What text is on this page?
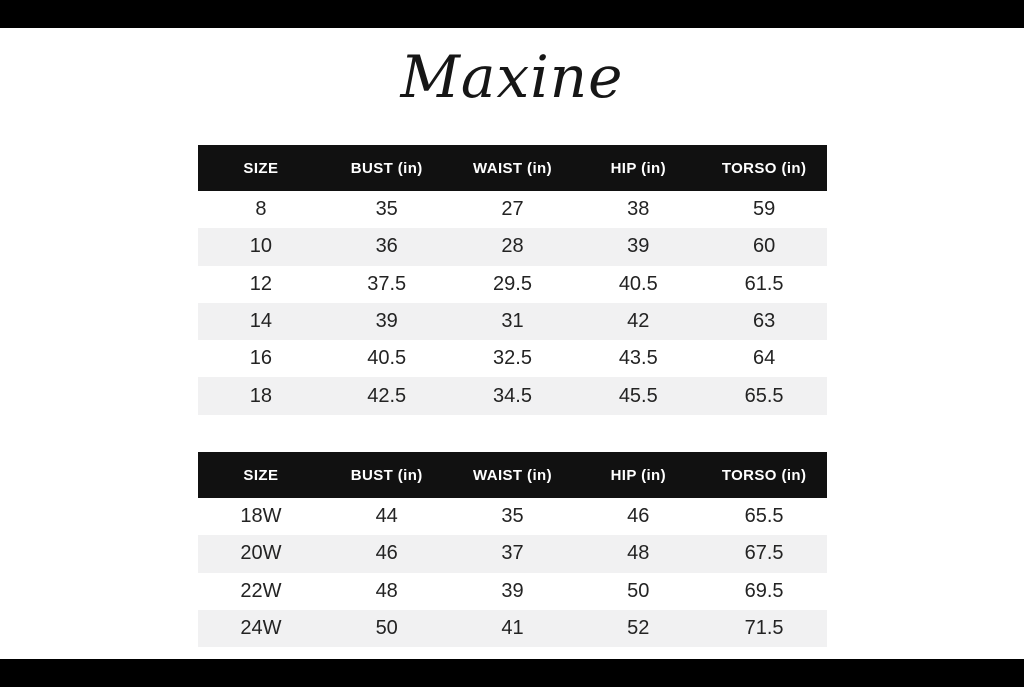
Maxine
SIZE	BUST (in)	WAIST (in)	HIP (in)	TORSO (in)
8	35	27	38	59
10	36	28	39	60
12	37.5	29.5	40.5	61.5
14	39	31	42	63
16	40.5	32.5	43.5	64
18	42.5	34.5	45.5	65.5
SIZE	BUST (in)	WAIST (in)	HIP (in)	TORSO (in)
18W	44	35	46	65.5
20W	46	37	48	67.5
22W	48	39	50	69.5
24W	50	41	52	71.5
